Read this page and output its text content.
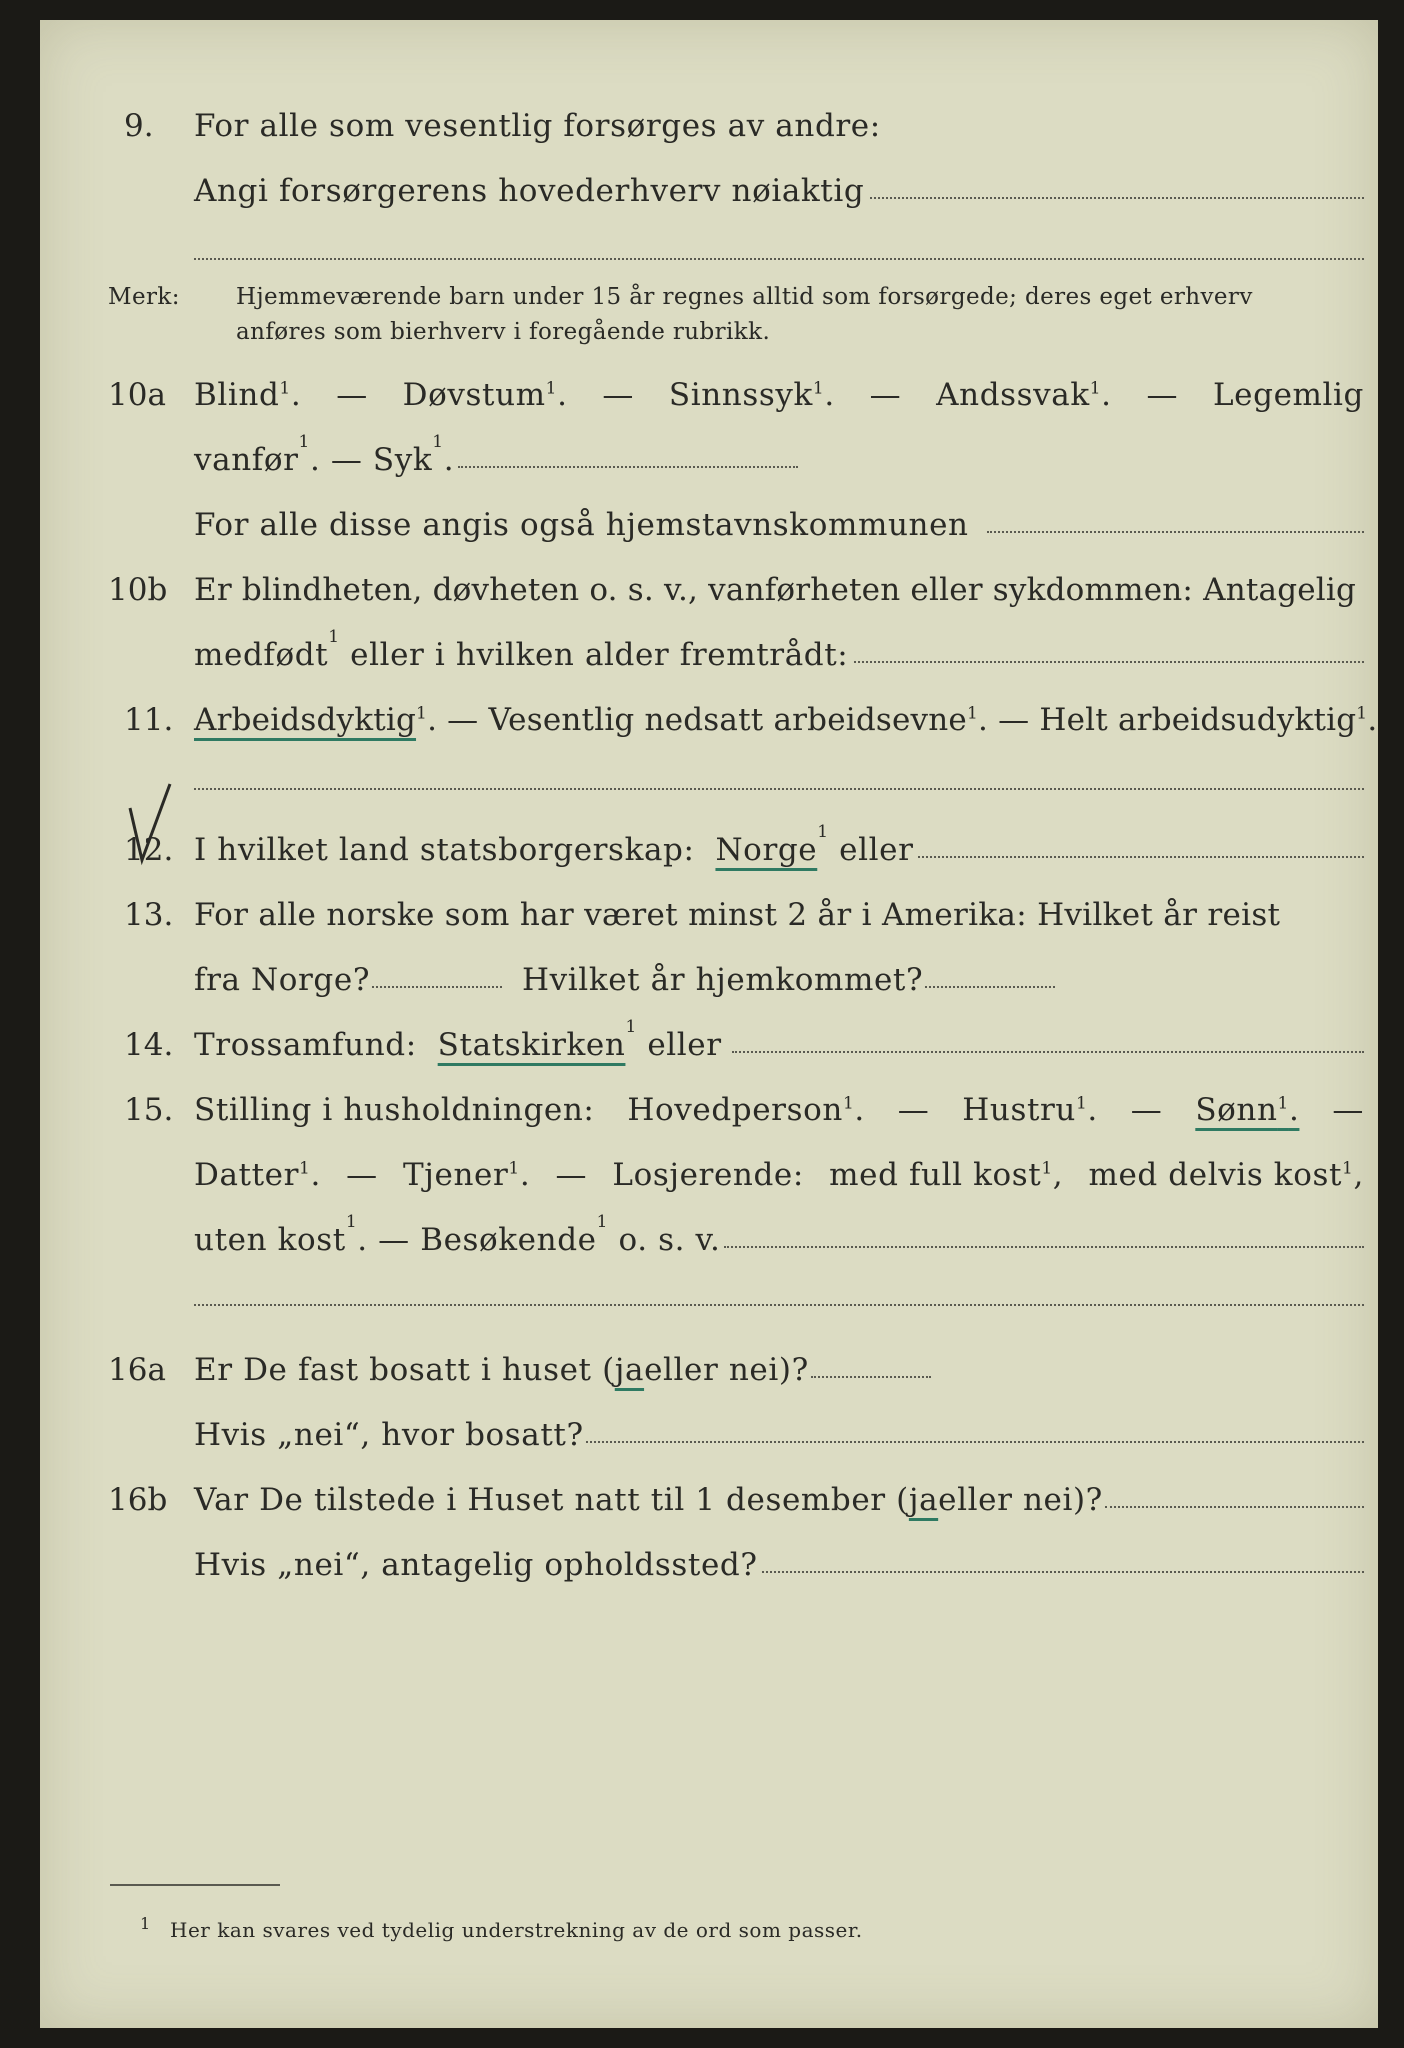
9. For alle som vesentlig forsørges av andre:
Angi forsørgerens hovederhverv nøiaktig
Merk: Hjemmeværende barn under 15 år regnes alltid som forsørgede; deres eget erhverv
anføres som bierhverv i foregående rubrikk.
10a Blind$^1$. — Døvstum$^1$. — Sinnssyk$^1$. — Andssvak$^1$. — Legemlig
vanfør 1 . — Syk 1 .
For alle disse angis også hjemstavnskommunen
10b Er blindheten, døvheten o. s. v., vanførheten eller sykdommen: Antagelig
medfødt 1
eller i hvilken alder fremtrådt:
11. Arbeidsdyktig$^1$. — Vesentlig nedsatt arbeidsevne$^1$. — Helt arbeidsudyktig$^1$.
12. I hvilket land statsborgerskap:
Norge 1
eller
13. For alle norske som har været minst 2 år i Amerika: Hvilket år reist
fra Norge?	Hvilket år hjemkommet?
14. Trossamfund:
Statskirken 1
eller
15. Stilling i husholdningen: Hovedperson$^1$. — Hustru$^1$. — Sønn$^1$. —
Datter$^1$. — Tjener$^1$. — Losjerende: med full kost$^1$, med delvis kost$^1$,
uten kost 1 . — Besøkende 1
o. s. v.
16a Er De fast bosatt i huset ( ja eller nei)?
Hvis „nei“, hvor bosatt?
16b Var De tilstede i Huset natt til 1 desember ( ja eller nei)?
Hvis „nei“, antagelig opholdssted?
1 Her kan svares ved tydelig understrekning av de ord som passer.
